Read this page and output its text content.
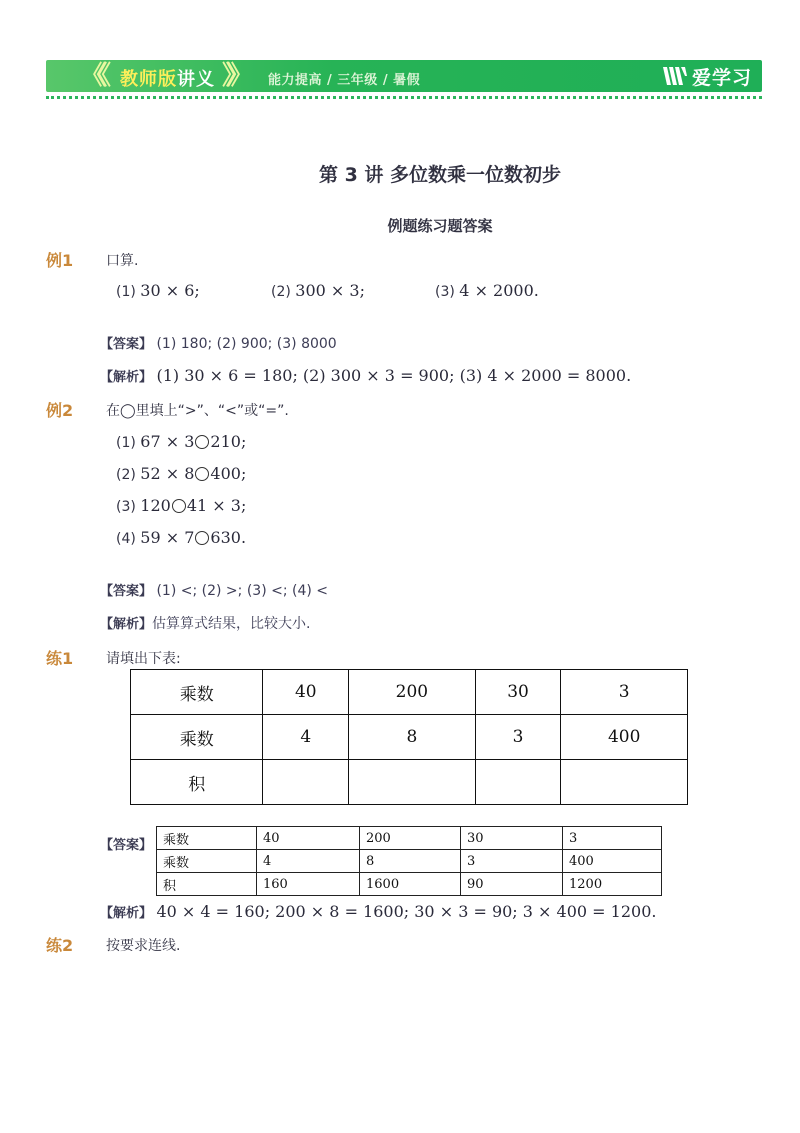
《《 教师版讲义 》》 能力提高 / 三年级 / 暑假	爱学习
第 3 讲 多位数乘一位数初步
例题练习题答案
例1 口算.
(1) 30 × 6;	(2) 300 × 3;	(3) 4 × 2000.
【答案】 (1) 180; (2) 900; (3) 8000
【解析】 (1) 30 × 6 = 180; (2) 300 × 3 = 900; (3) 4 × 2000 = 8000.
例2 在◯里填上“>”、“<”或“=”.
(1) 67 × 3 210;
(2) 52 × 8 400;
(3) 120 41 × 3;
(4) 59 × 7 630.
【答案】 (1) <; (2) >; (3) <; (4) <
【解析】估算算式结果，比较大小.
练1 请填出下表:
乘数	40	200	30	3
乘数	4	8	3	400
积				
【答案】 乘数	40	200	30	3
乘数	4	8	3	400
积	160	1600	90	1200
【解析】 40 × 4 = 160; 200 × 8 = 1600; 30 × 3 = 90; 3 × 400 = 1200.
练2 按要求连线.
